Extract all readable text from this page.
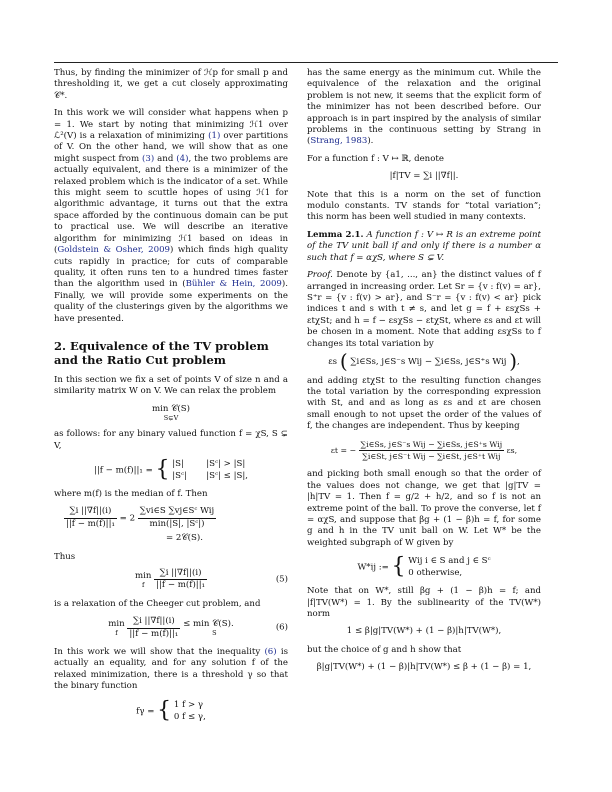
Thus, by finding the minimizer of ℋp for small p and thresholding it, we get a cut closely approximating 𝒞*.

In this work we will consider what happens when p = 1. We start by noting that minimizing ℋ1 over ℒ²(V) is a relaxation of minimizing (1) over partitions of V. On the other hand, we will show that as one might suspect from (3) and (4), the two problems are actually equivalent, and there is a minimizer of the relaxed problem which is the indicator of a set. While this might seem to scuttle hopes of using ℋ1 for algorithmic advantage, it turns out that the extra space afforded by the continuous domain can be put to practical use. We will describe an iterative algorithm for minimizing ℋ1 based on ideas in (Goldstein & Osher, 2009) which finds high quality cuts rapidly in practice; for cuts of comparable quality, it often runs ten to a hundred times faster than the algorithm used in (Bühler & Hein, 2009). Finally, we will provide some experiments on the quality of the clusterings given by the algorithms we have presented.

2. Equivalence of the TV problem and the Ratio Cut problem

In this section we fix a set of points V of size n and a similarity matrix W on V. We can relax the problem

min 𝒞(S)
S⊊V

as follows: for any binary valued function f = χS, S ⊊ V,

||f − m(f)||₁ = { |S|	|Sᶜ| > |S|
|Sᶜ| |Sᶜ| ≤ |S|,

where m(f) is the median of f. Then

$\frac{\sum i ||\nabla f||(i)}{\text{||f − m(f)||₁}} = 2 \frac{\text{∑vi∈S ∑vj∈Sᶜ Wij}}{\text{min(|S|, |Sᶜ|)}}$
= 2𝒞(S).

Thus

min
f
	$\frac{\sum i ||\nabla f||(i)}{\text{||f − m(f)||₁}}$	(5)

is a relaxation of the Cheeger cut problem, and

min
f
	$\frac{\sum i ||\nabla f||(i)}{\text{||f − m(f)||₁}}$
≤ min 𝒞(S).
S
(6)

In this work we will show that the inequality (6) is actually an equality, and for any solution f of the relaxed minimization, there is a threshold γ so that the binary function

fγ = { 1 f > γ
0 f ≤ γ,

has the same energy as the minimum cut. While the equivalence of the relaxation and the original problem is not new, it seems that the explicit form of the minimizer has not been described before. Our approach is in part inspired by the analysis of similar problems in the continuous setting by Strang in (Strang, 1983).

For a function f : V ↦ ℝ, denote

|f|TV = ∑i ||∇f||.

Note that this is a norm on the set of function modulo constants. TV stands for “total variation”; this norm has been well studied in many contexts.

Lemma 2.1. A function f : V ↦ R is an extreme point of the TV unit ball if and only if there is a number α such that f = αχS, where S ⊊ V.

Proof. Denote by {a1, ..., an} the distinct values of f arranged in increasing order. Let Sr = {v : f(v) = ar}, S⁺r = {v : f(v) > ar}, and S⁻r = {v : f(v) < ar} pick indices t and s with t ≠ s, and let g = f + εsχSs + εtχSt; and h = f − εsχSs − εtχSt, where εs and εt will be chosen in a moment. Note that adding εsχSs to f changes its total variation by

εs ( ∑i∈Ss, j∈S⁻s Wij − ∑i∈Ss, j∈S⁺s Wij ),

and adding εtχSt to the resulting function changes the total variation by the corresponding expression with St, and and as long as εs and εt are chosen small enough to not upset the order of the values of f, the changes are independent. Thus by keeping

εt = − $\frac{\text{∑i∈Ss, j∈S⁻s Wij − ∑i∈Ss, j∈S⁺s Wij}}{\text{∑i∈St, j∈S⁻t Wij − ∑i∈St, j∈S⁺t Wij}} \varepsilon s$,

and picking both small enough so that the order of the values does not change, we get that |g|TV = |h|TV = 1. Then f = g/2 + h/2, and so f is not an extreme point of the ball. To prove the converse, let f = αχS, and suppose that βg + (1 − β)h = f, for some g and h in the TV unit ball on W. Let W* be the weighted subgraph of W given by

W*ij := { Wij i ∈ S and j ∈ Sᶜ
0 otherwise,

Note that on W*, still βg + (1 − β)h = f; and |f|TV(W*) = 1. By the sublinearity of the TV(W*) norm

1 ≤ β|g|TV(W*) + (1 − β)|h|TV(W*),

but the choice of g and h show that

β|g|TV(W*) + (1 − β)|h|TV(W*) ≤ β + (1 − β) = 1,
